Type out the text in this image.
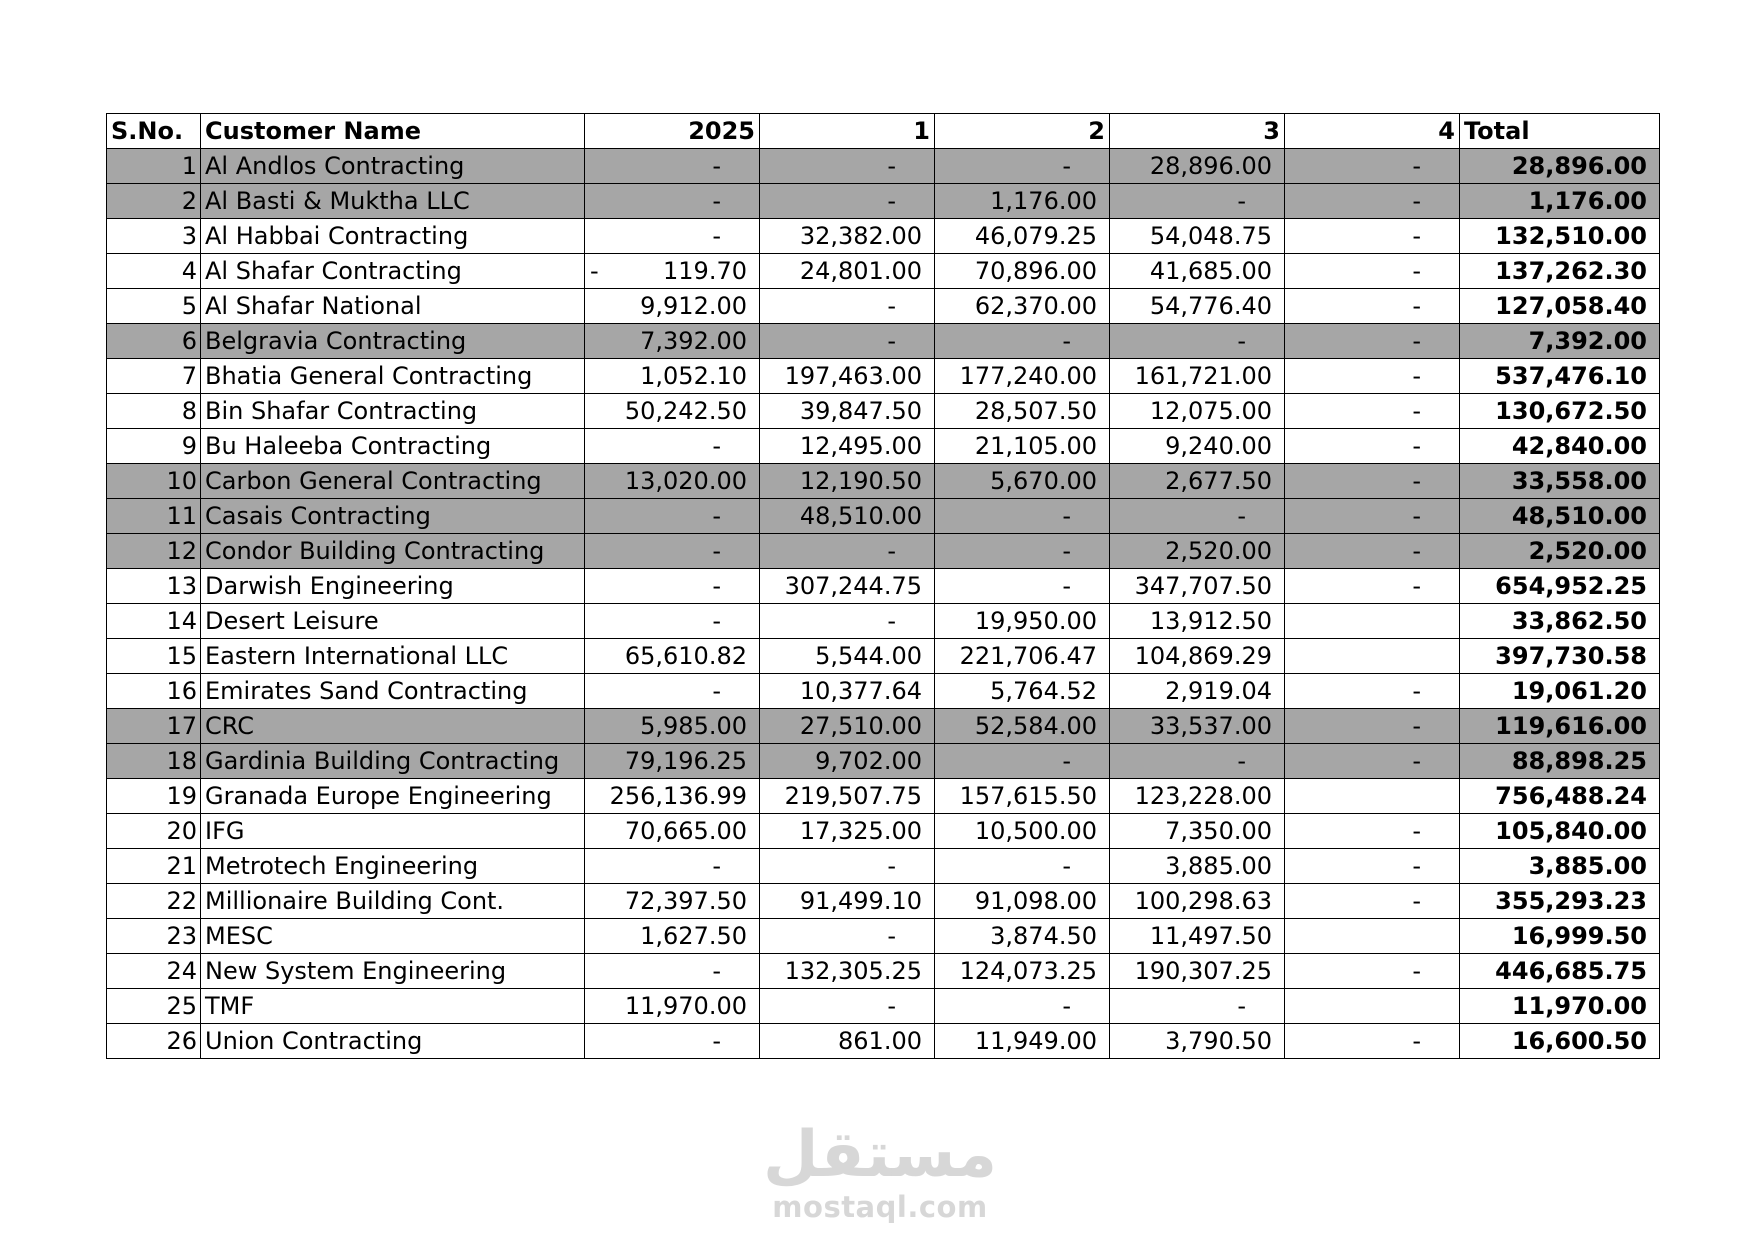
S.No.	Customer Name	2025	1	2	3	4	Total
1	Al Andlos Contracting	-	-	-	28,896.00	-	28,896.00
2	Al Basti & Muktha LLC	-	-	1,176.00	-	-	1,176.00
3	Al Habbai Contracting	-	32,382.00	46,079.25	54,048.75	-	132,510.00
4	Al Shafar Contracting	- 119.70	24,801.00	70,896.00	41,685.00	-	137,262.30
5	Al Shafar National	9,912.00	-	62,370.00	54,776.40	-	127,058.40
6	Belgravia Contracting	7,392.00	-	-	-	-	7,392.00
7	Bhatia General Contracting	1,052.10	197,463.00	177,240.00	161,721.00	-	537,476.10
8	Bin Shafar Contracting	50,242.50	39,847.50	28,507.50	12,075.00	-	130,672.50
9	Bu Haleeba Contracting	-	12,495.00	21,105.00	9,240.00	-	42,840.00
10	Carbon General Contracting	13,020.00	12,190.50	5,670.00	2,677.50	-	33,558.00
11	Casais Contracting	-	48,510.00	-	-	-	48,510.00
12	Condor Building Contracting	-	-	-	2,520.00	-	2,520.00
13	Darwish Engineering	-	307,244.75	-	347,707.50	-	654,952.25
14	Desert Leisure	-	-	19,950.00	13,912.50		33,862.50
15	Eastern International LLC	65,610.82	5,544.00	221,706.47	104,869.29		397,730.58
16	Emirates Sand Contracting	-	10,377.64	5,764.52	2,919.04	-	19,061.20
17	CRC	5,985.00	27,510.00	52,584.00	33,537.00	-	119,616.00
18	Gardinia Building Contracting	79,196.25	9,702.00	-	-	-	88,898.25
19	Granada Europe Engineering	256,136.99	219,507.75	157,615.50	123,228.00		756,488.24
20	IFG	70,665.00	17,325.00	10,500.00	7,350.00	-	105,840.00
21	Metrotech Engineering	-	-	-	3,885.00	-	3,885.00
22	Millionaire Building Cont.	72,397.50	91,499.10	91,098.00	100,298.63	-	355,293.23
23	MESC	1,627.50	-	3,874.50	11,497.50		16,999.50
24	New System Engineering	-	132,305.25	124,073.25	190,307.25	-	446,685.75
25	TMF	11,970.00	-	-	-		11,970.00
26	Union Contracting	-	861.00	11,949.00	3,790.50	-	16,600.50
مستقل
mostaql.com
